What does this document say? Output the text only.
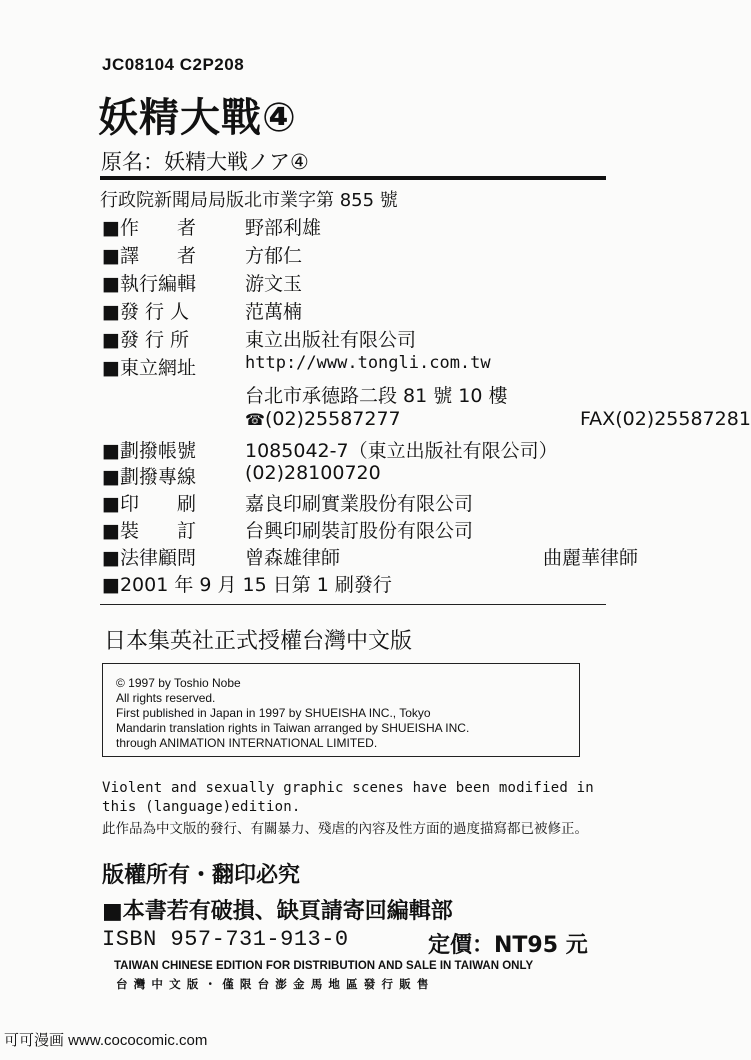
JC08104 C2P208
妖精大戰④
原名：妖精大戦ノア④
行政院新聞局局版北市業字第 855 號
■ 作　　者	野部利雄
■ 譯　　者	方郁仁
■ 執行編輯	游文玉
■ 發 行 人	范萬楠
■ 發 行 所	東立出版社有限公司
■ 東立網址	http://www.tongli.com.tw
台北市承德路二段 81 號 10 樓
☎(02)25587277	FAX(02)25587281
■ 劃撥帳號	1085042-7（東立出版社有限公司）
■ 劃撥專線	(02)28100720
■ 印　　刷	嘉良印刷實業股份有限公司
■ 裝　　訂	台興印刷裝訂股份有限公司
■ 法律顧問	曾森雄律師	曲麗華律師
■ 2001 年 9 月 15 日第 1 刷發行
日本集英社正式授權台灣中文版
© 1997 by Toshio Nobe
All rights reserved.
First published in Japan in 1997 by SHUEISHA INC., Tokyo
Mandarin translation rights in Taiwan arranged by SHUEISHA INC.
through ANIMATION INTERNATIONAL LIMITED.
Violent and sexually graphic scenes have been modified in this (language)edition.
此作品為中文版的發行、有關暴力、殘虐的內容及性方面的過度描寫都已被修正。
版權所有・翻印必究
■ 本書若有破損、缺頁請寄回編輯部
ISBN 957-731-913-0	定價：NT95 元
TAIWAN CHINESE EDITION FOR DISTRIBUTION AND SALE IN TAIWAN ONLY
台灣中文版・僅限台澎金馬地區發行販售
可可漫画 www.cococomic.com
